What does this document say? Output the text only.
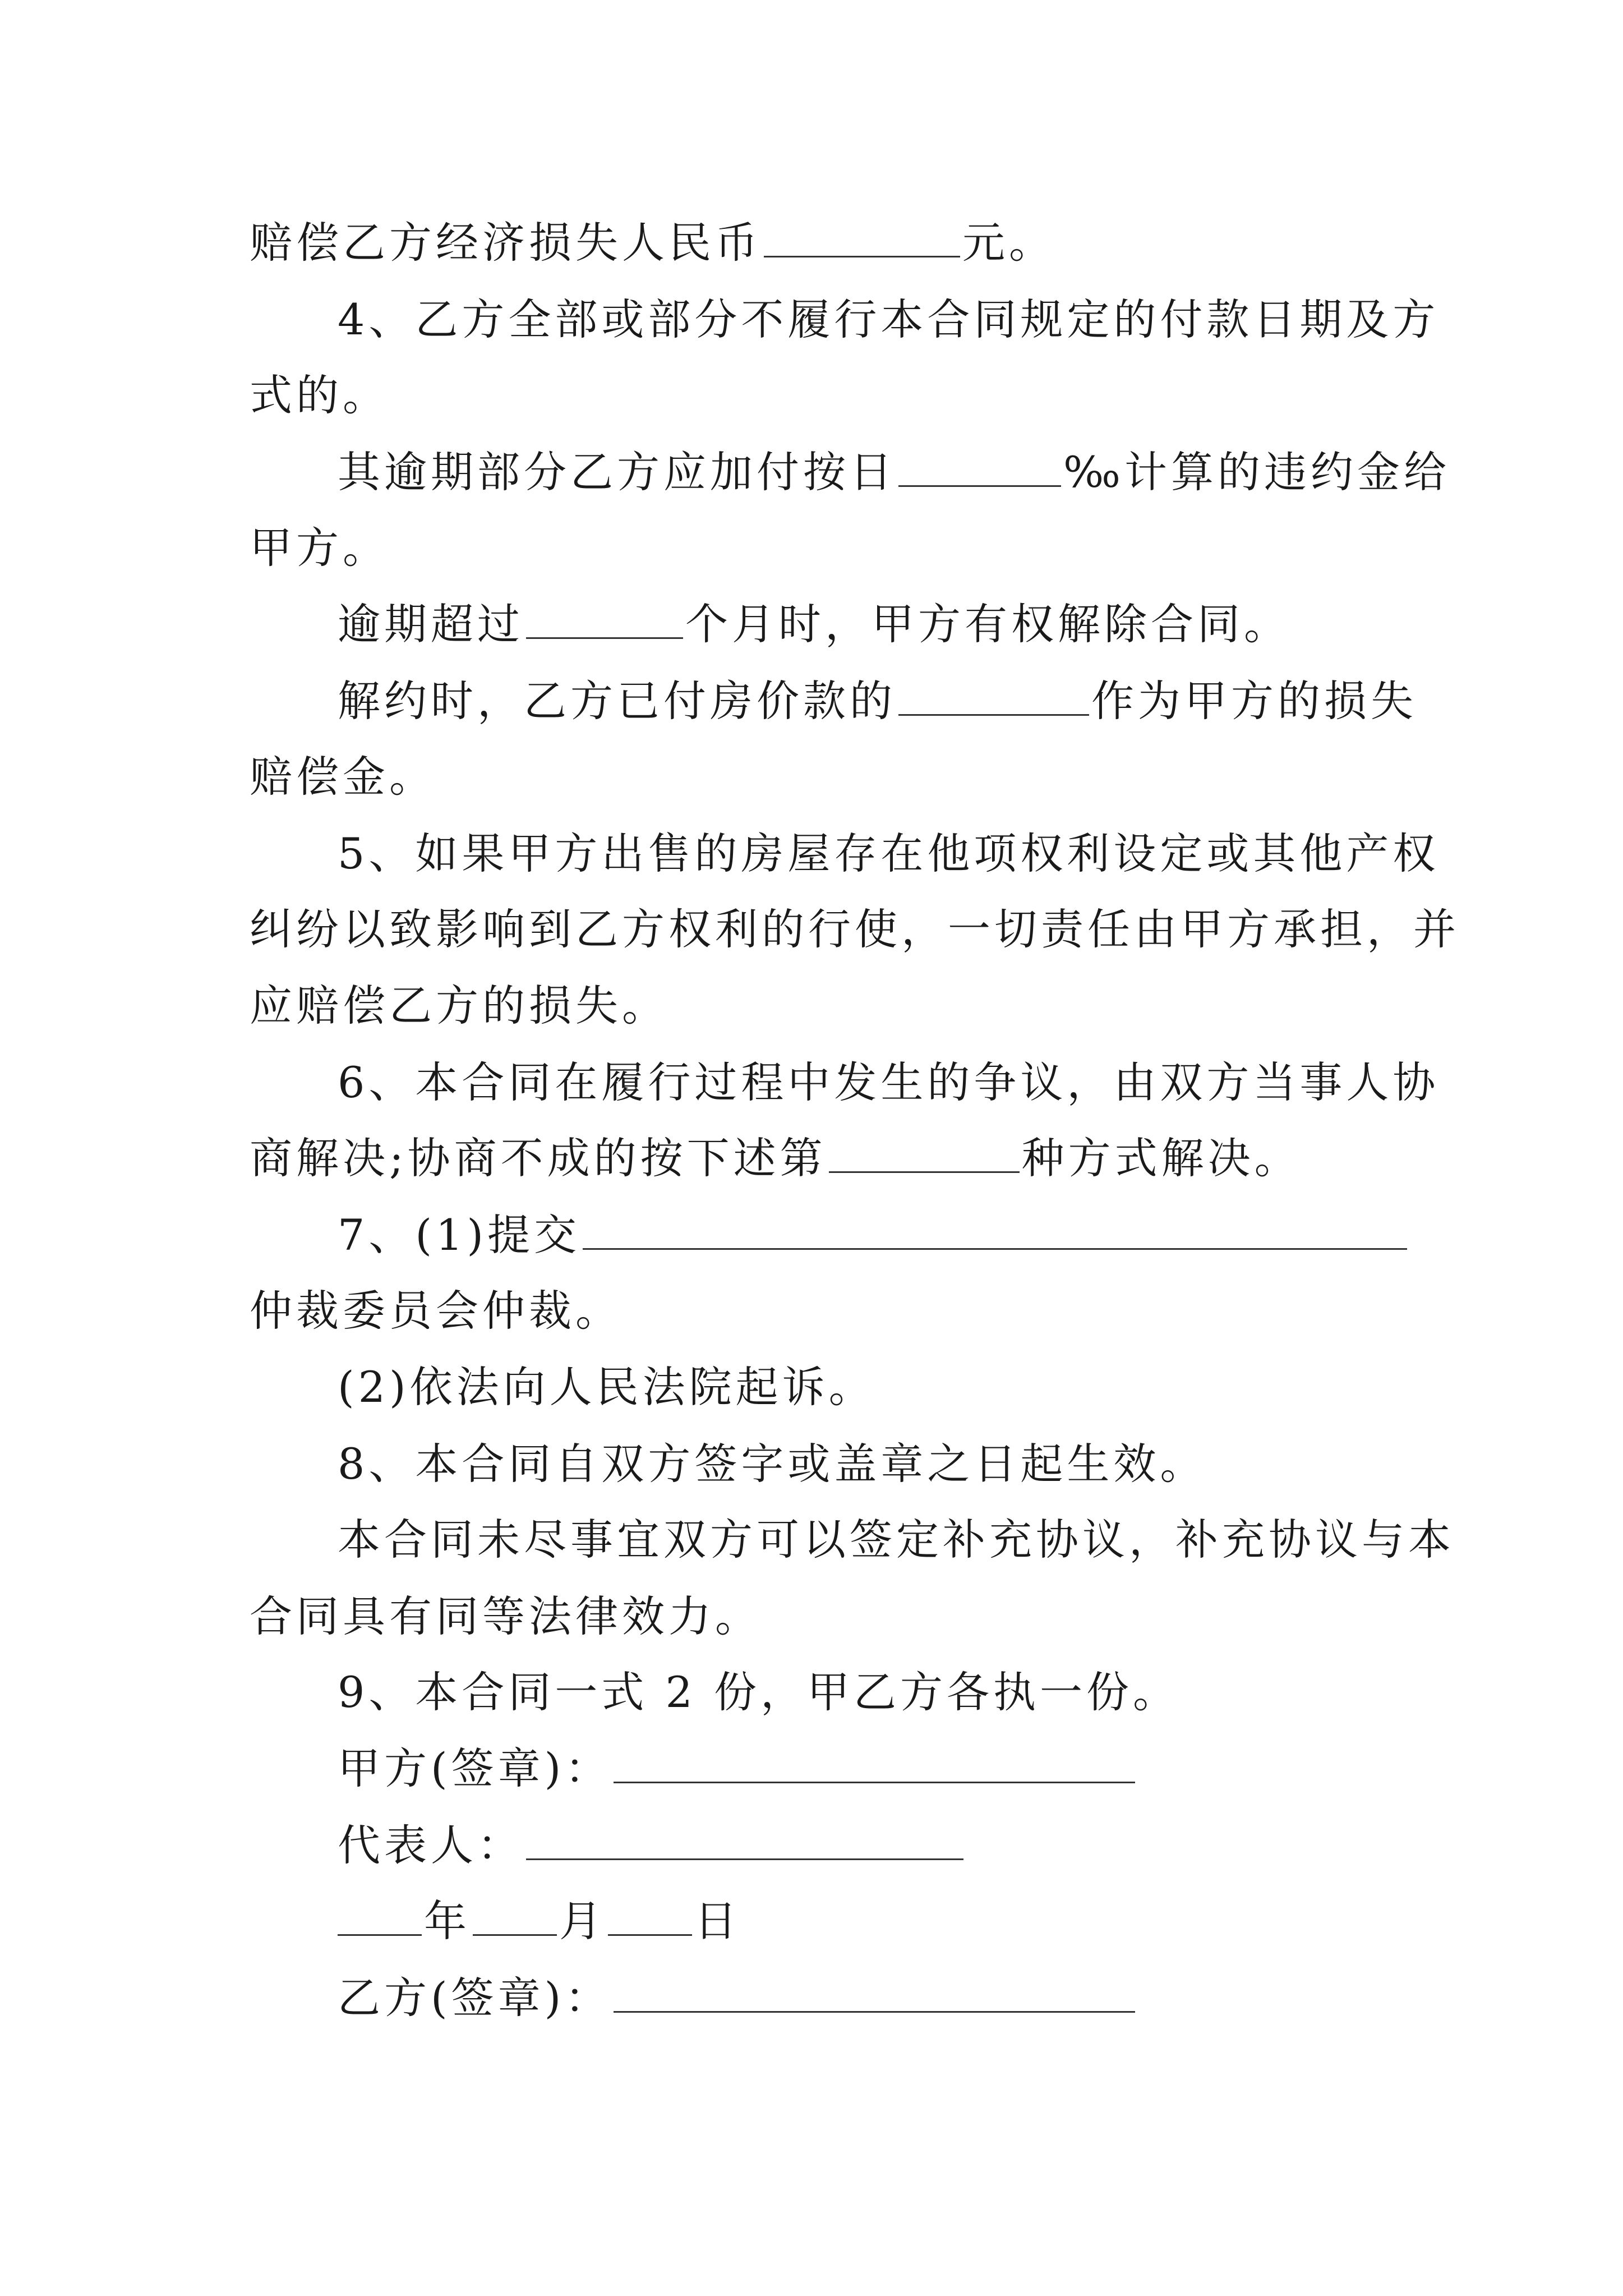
赔偿乙方经济损失人民币	元。
4、乙方全部或部分不履行本合同规定的付款日期及方
式的。
其逾期部分乙方应加付按日	‰计算的违约金给
甲方。
逾期超过	个月时，甲方有权解除合同。
解约时，乙方已付房价款的	作为甲方的损失
赔偿金。
5、如果甲方出售的房屋存在他项权利设定或其他产权
纠纷以致影响到乙方权利的行使，一切责任由甲方承担，并
应赔偿乙方的损失。
6、本合同在履行过程中发生的争议，由双方当事人协
商解决;协商不成的按下述第	种方式解决。
7、(1)提交
仲裁委员会仲裁。
(2)依法向人民法院起诉。
8、本合同自双方签字或盖章之日起生效。
本合同未尽事宜双方可以签定补充协议，补充协议与本
合同具有同等法律效力。
9、本合同一式 2 份，甲乙方各执一份。
甲方(签章)：
代表人：
年 月 日
乙方(签章)：
